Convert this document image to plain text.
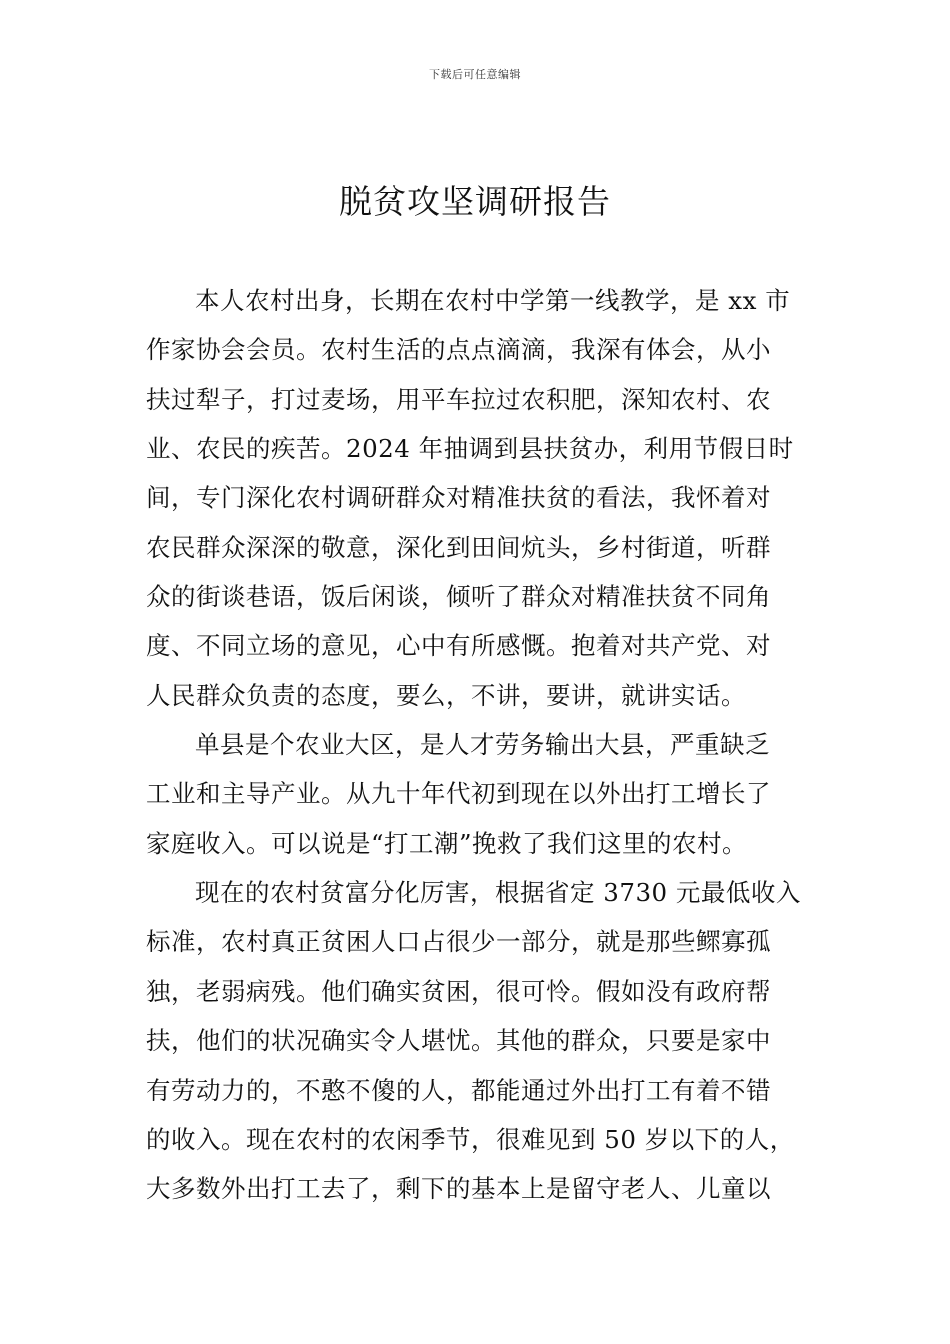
下载后可任意编辑
脱贫攻坚调研报告
本人农村出身，长期在农村中学第一线教学，是 xx 市
作家协会会员。农村生活的点点滴滴，我深有体会，从小
扶过犁子，打过麦场，用平车拉过农积肥，深知农村、农
业、农民的疾苦。2024 年抽调到县扶贫办，利用节假日时
间，专门深化农村调研群众对精准扶贫的看法，我怀着对
农民群众深深的敬意，深化到田间炕头，乡村街道，听群
众的街谈巷语，饭后闲谈，倾听了群众对精准扶贫不同角
度、不同立场的意见，心中有所感慨。抱着对共产党、对
人民群众负责的态度，要么，不讲，要讲，就讲实话。
单县是个农业大区，是人才劳务输出大县，严重缺乏
工业和主导产业。从九十年代初到现在以外出打工增长了
家庭收入。可以说是“打工潮”挽救了我们这里的农村。
现在的农村贫富分化厉害，根据省定 3730 元最低收入
标准，农村真正贫困人口占很少一部分，就是那些鳏寡孤
独，老弱病残。他们确实贫困，很可怜。假如没有政府帮
扶，他们的状况确实令人堪忧。其他的群众，只要是家中
有劳动力的，不憨不傻的人，都能通过外出打工有着不错
的收入。现在农村的农闲季节，很难见到 50 岁以下的人，
大多数外出打工去了，剩下的基本上是留守老人、儿童以
